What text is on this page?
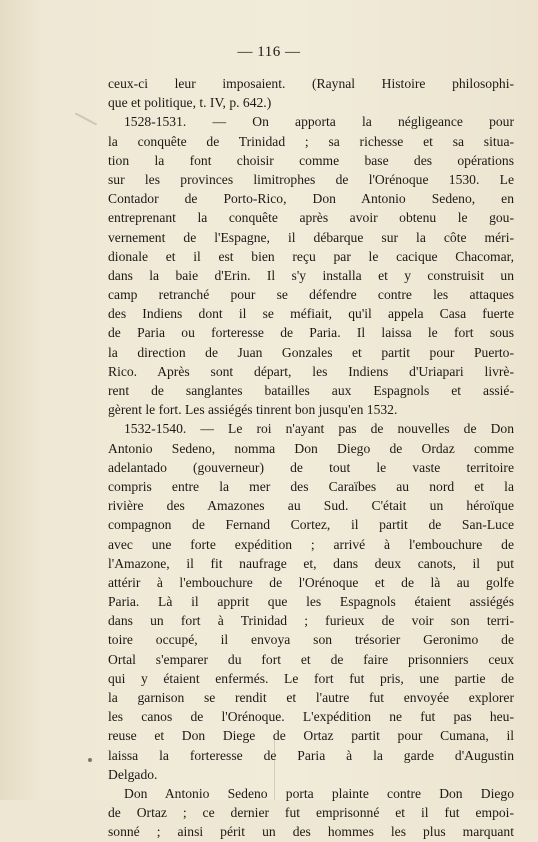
— 116 —
ceux-ci leur imposaient. (Raynal Histoire philosophi-
que et politique, t. IV, p. 642.)
1528-1531. — On apporta la négligeance pour
la conquête de Trinidad ; sa richesse et sa situa-
tion la font choisir comme base des opérations
sur les provinces limitrophes de l'Orénoque 1530. Le
Contador de Porto-Rico, Don Antonio Sedeno, en
entreprenant la conquête après avoir obtenu le gou-
vernement de l'Espagne, il débarque sur la côte méri-
dionale et il est bien reçu par le cacique Chacomar,
dans la baie d'Erin. Il s'y installa et y construisit un
camp retranché pour se défendre contre les attaques
des Indiens dont il se méfiait, qu'il appela Casa fuerte
de Paria ou forteresse de Paria. Il laissa le fort sous
la direction de Juan Gonzales et partit pour Puerto-
Rico. Après sont départ, les Indiens d'Uriapari livrè-
rent de sanglantes batailles aux Espagnols et assié-
gèrent le fort. Les assiégés tinrent bon jusqu'en 1532.
1532-1540. — Le roi n'ayant pas de nouvelles de Don
Antonio Sedeno, nomma Don Diego de Ordaz comme
adelantado (gouverneur) de tout le vaste territoire
compris entre la mer des Caraïbes au nord et la
rivière des Amazones au Sud. C'était un héroïque
compagnon de Fernand Cortez, il partit de San-Luce
avec une forte expédition ; arrivé à l'embouchure de
l'Amazone, il fit naufrage et, dans deux canots, il put
attérir à l'embouchure de l'Orénoque et de là au golfe
Paria. Là il apprit que les Espagnols étaient assiégés
dans un fort à Trinidad ; furieux de voir son terri-
toire occupé, il envoya son trésorier Geronimo de
Ortal s'emparer du fort et de faire prisonniers ceux
qui y étaient enfermés. Le fort fut pris, une partie de
la garnison se rendit et l'autre fut envoyée explorer
les canos de l'Orénoque. L'expédition ne fut pas heu-
reuse et Don Diege de Ortaz partit pour Cumana, il
laissa la forteresse de Paria à la garde d'Augustin
Delgado.
Don Antonio Sedeno porta plainte contre Don Diego
de Ortaz ; ce dernier fut emprisonné et il fut empoi-
sonné ; ainsi périt un des hommes les plus marquant
